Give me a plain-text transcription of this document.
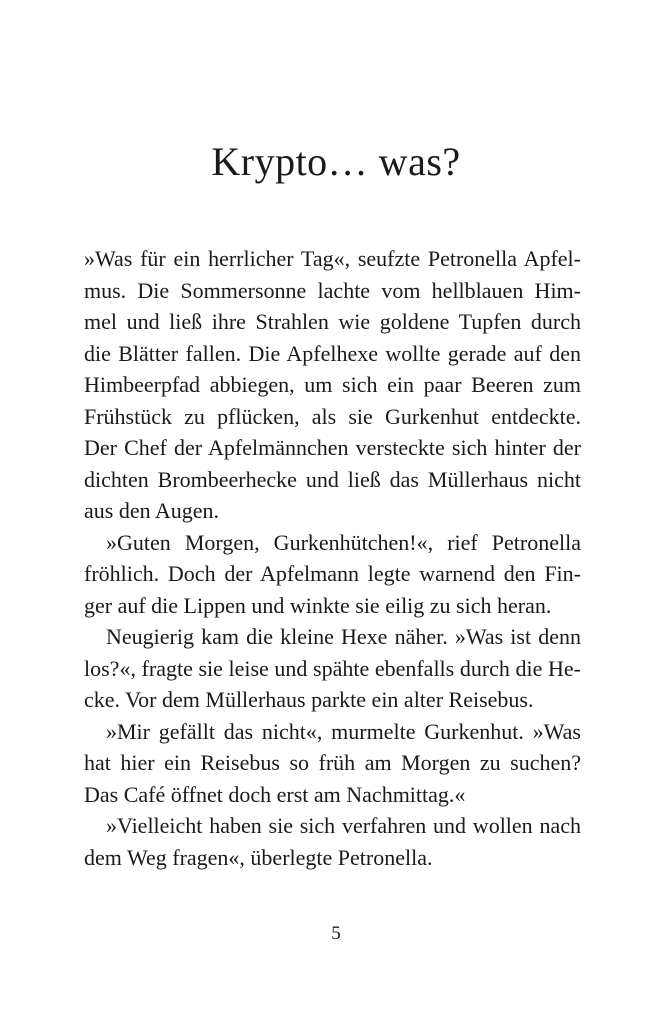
Krypto… was?
»Was für ein herrlicher Tag«, seufzte Petronella Apfel-
mus. Die Sommersonne lachte vom hellblauen Him-
mel und ließ ihre Strahlen wie goldene Tupfen durch
die Blätter fallen. Die Apfelhexe wollte gerade auf den
Himbeerpfad abbiegen, um sich ein paar Beeren zum
Frühstück zu pflücken, als sie Gurkenhut entdeckte.
Der Chef der Apfelmännchen versteckte sich hinter der
dichten Brombeerhecke und ließ das Müllerhaus nicht
aus den Augen.
»Guten Morgen, Gurkenhütchen!«, rief Petronella
fröhlich. Doch der Apfelmann legte warnend den Fin-
ger auf die Lippen und winkte sie eilig zu sich heran.
Neugierig kam die kleine Hexe näher. »Was ist denn
los?«, fragte sie leise und spähte ebenfalls durch die He-
cke. Vor dem Müllerhaus parkte ein alter Reisebus.
»Mir gefällt das nicht«, murmelte Gurkenhut. »Was
hat hier ein Reisebus so früh am Morgen zu suchen?
Das Café öffnet doch erst am Nachmittag.«
»Vielleicht haben sie sich verfahren und wollen nach
dem Weg fragen«, überlegte Petronella.

5
